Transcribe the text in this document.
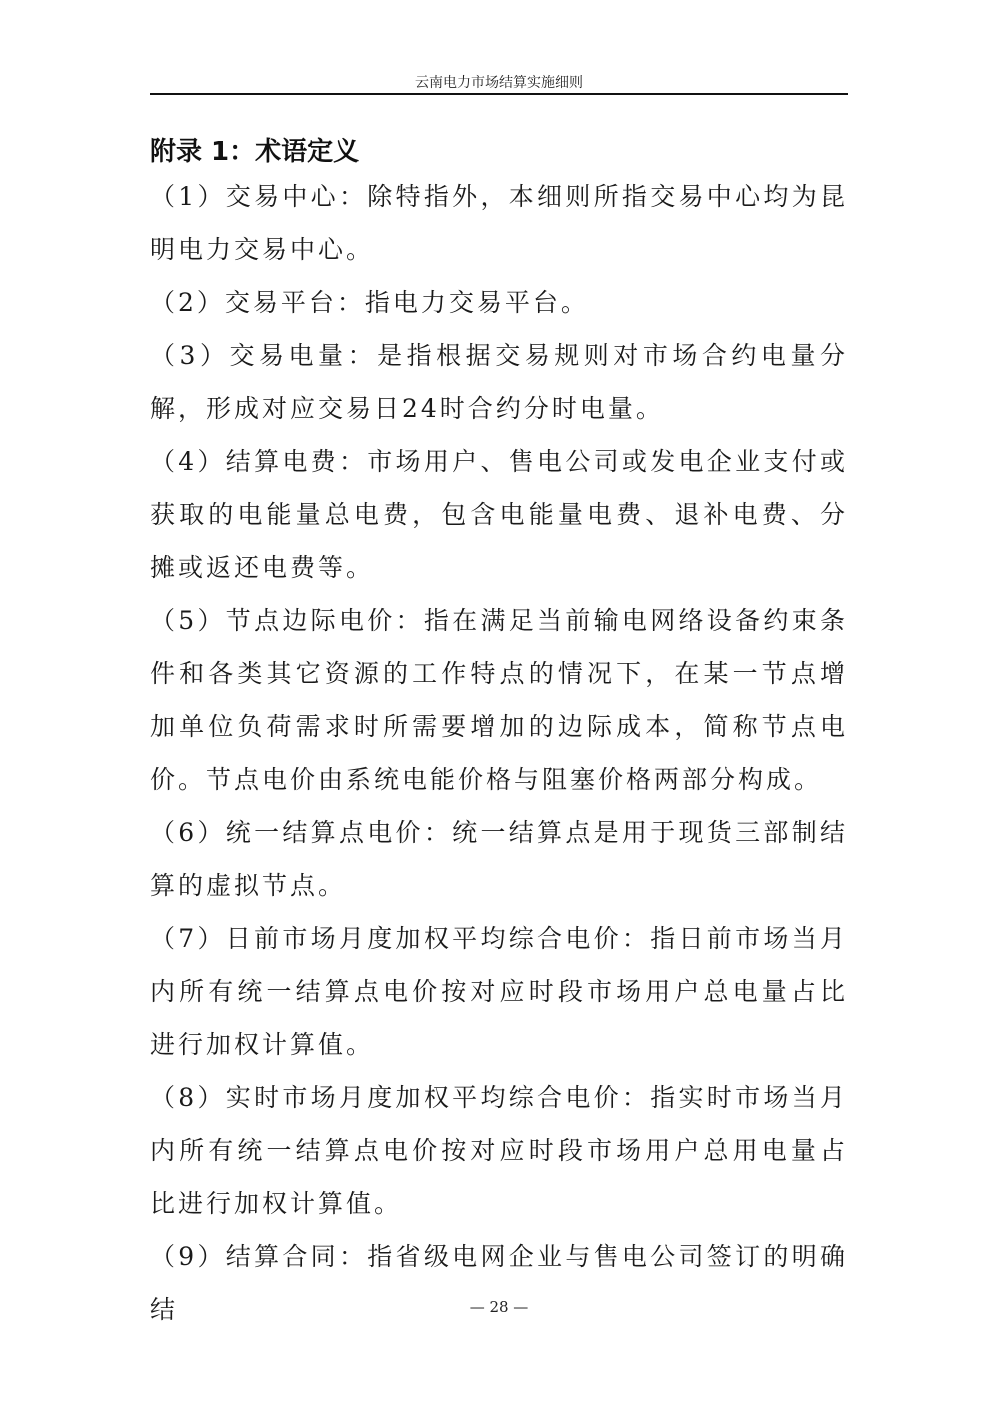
云南电力市场结算实施细则
附录 1：术语定义

（1）交易中心：除特指外，本细则所指交易中心均为昆明电力交易中心。

（2）交易平台：指电力交易平台。

（3）交易电量：是指根据交易规则对市场合约电量分解，形成对应交易日24时合约分时电量。

（4）结算电费：市场用户、售电公司或发电企业支付或获取的电能量总电费，包含电能量电费、退补电费、分摊或返还电费等。

（5）节点边际电价：指在满足当前输电网络设备约束条件和各类其它资源的工作特点的情况下，在某一节点增加单位负荷需求时所需要增加的边际成本，简称节点电价。节点电价由系统电能价格与阻塞价格两部分构成。

（6）统一结算点电价：统一结算点是用于现货三部制结算的虚拟节点。

（7）日前市场月度加权平均综合电价：指日前市场当月内所有统一结算点电价按对应时段市场用户总电量占比进行加权计算值。

（8）实时市场月度加权平均综合电价：指实时市场当月内所有统一结算点电价按对应时段市场用户总用电量占比进行加权计算值。

（9）结算合同：指省级电网企业与售电公司签订的明确结	— 28 —
